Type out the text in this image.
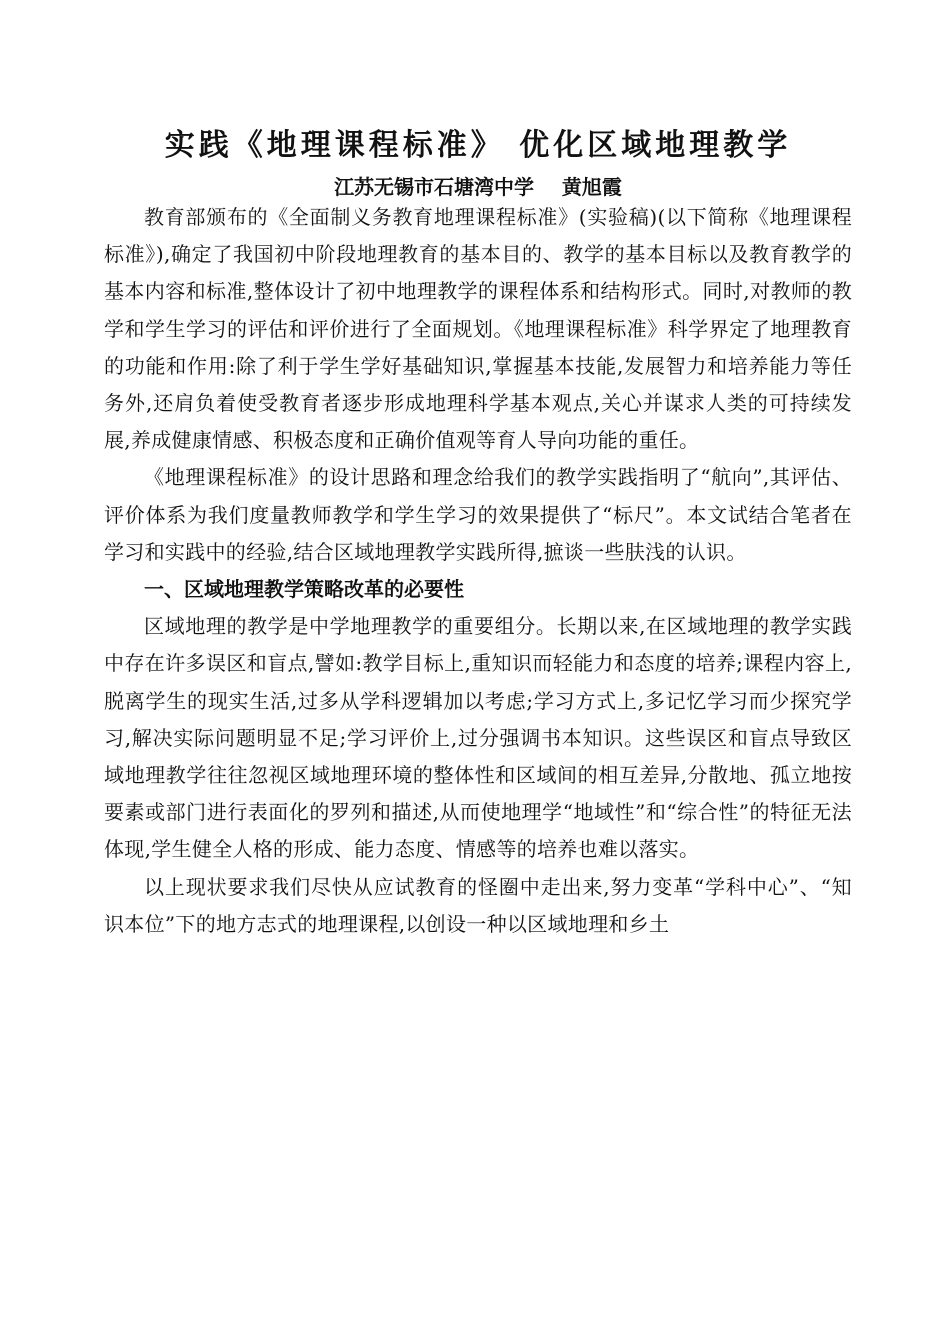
实践《地理课程标准》 优化区域地理教学
江苏无锡市石塘湾中学    黄旭霞

教育部颁布的《全面制义务教育地理课程标准》(实验稿)(以下简称《地理课程标准》),确定了我国初中阶段地理教育的基本目的、教学的基本目标以及教育教学的基本内容和标准,整体设计了初中地理教学的课程体系和结构形式。同时,对教师的教学和学生学习的评估和评价进行了全面规划。《地理课程标准》科学界定了地理教育的功能和作用:除了利于学生学好基础知识,掌握基本技能,发展智力和培养能力等任务外,还肩负着使受教育者逐步形成地理科学基本观点,关心并谋求人类的可持续发展,养成健康情感、积极态度和正确价值观等育人导向功能的重任。

《地理课程标准》的设计思路和理念给我们的教学实践指明了“航向”,其评估、评价体系为我们度量教师教学和学生学习的效果提供了“标尺”。本文试结合笔者在学习和实践中的经验,结合区域地理教学实践所得,摭谈一些肤浅的认识。

一、区域地理教学策略改革的必要性

区域地理的教学是中学地理教学的重要组分。长期以来,在区域地理的教学实践中存在许多误区和盲点,譬如:教学目标上,重知识而轻能力和态度的培养;课程内容上,脱离学生的现实生活,过多从学科逻辑加以考虑;学习方式上,多记忆学习而少探究学习,解决实际问题明显不足;学习评价上,过分强调书本知识。这些误区和盲点导致区域地理教学往往忽视区域地理环境的整体性和区域间的相互差异,分散地、孤立地按要素或部门进行表面化的罗列和描述,从而使地理学“地域性”和“综合性”的特征无法体现,学生健全人格的形成、能力态度、情感等的培养也难以落实。

以上现状要求我们尽快从应试教育的怪圈中走出来,努力变革“学科中心”、“知识本位”下的地方志式的地理课程,以创设一种以区域地理和乡土
